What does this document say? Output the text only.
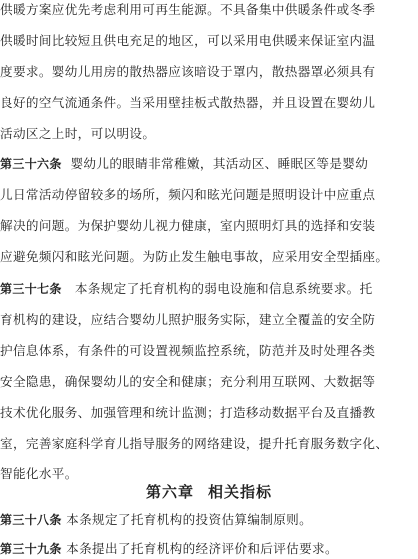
供暖方案应优先考虑利用可再生能源。不具备集中供暖条件或冬季
供暖时间比较短且供电充足的地区，可以采用电供暖来保证室内温
度要求。婴幼儿用房的散热器应该暗设于罩内，散热器罩必须具有
良好的空气流通条件。当采用壁挂板式散热器，并且设置在婴幼儿
活动区之上时，可以明设。
第三十六条 婴幼儿的眼睛非常稚嫩，其活动区、睡眠区等是婴幼
儿日常活动停留较多的场所，频闪和眩光问题是照明设计中应重点
解决的问题。为保护婴幼儿视力健康，室内照明灯具的选择和安装
应避免频闪和眩光问题。为防止发生触电事故，应采用安全型插座。
第三十七条 本条规定了托育机构的弱电设施和信息系统要求。托
育机构的建设，应结合婴幼儿照护服务实际，建立全覆盖的安全防
护信息体系，有条件的可设置视频监控系统，防范并及时处理各类
安全隐患，确保婴幼儿的安全和健康；充分利用互联网、大数据等
技术优化服务、加强管理和统计监测；打造移动数据平台及直播教
室，完善家庭科学育儿指导服务的网络建设，提升托育服务数字化、
智能化水平。
第六章 相关指标
第三十八条 本条规定了托育机构的投资估算编制原则。
第三十九条 本条提出了托育机构的经济评价和后评估要求。
